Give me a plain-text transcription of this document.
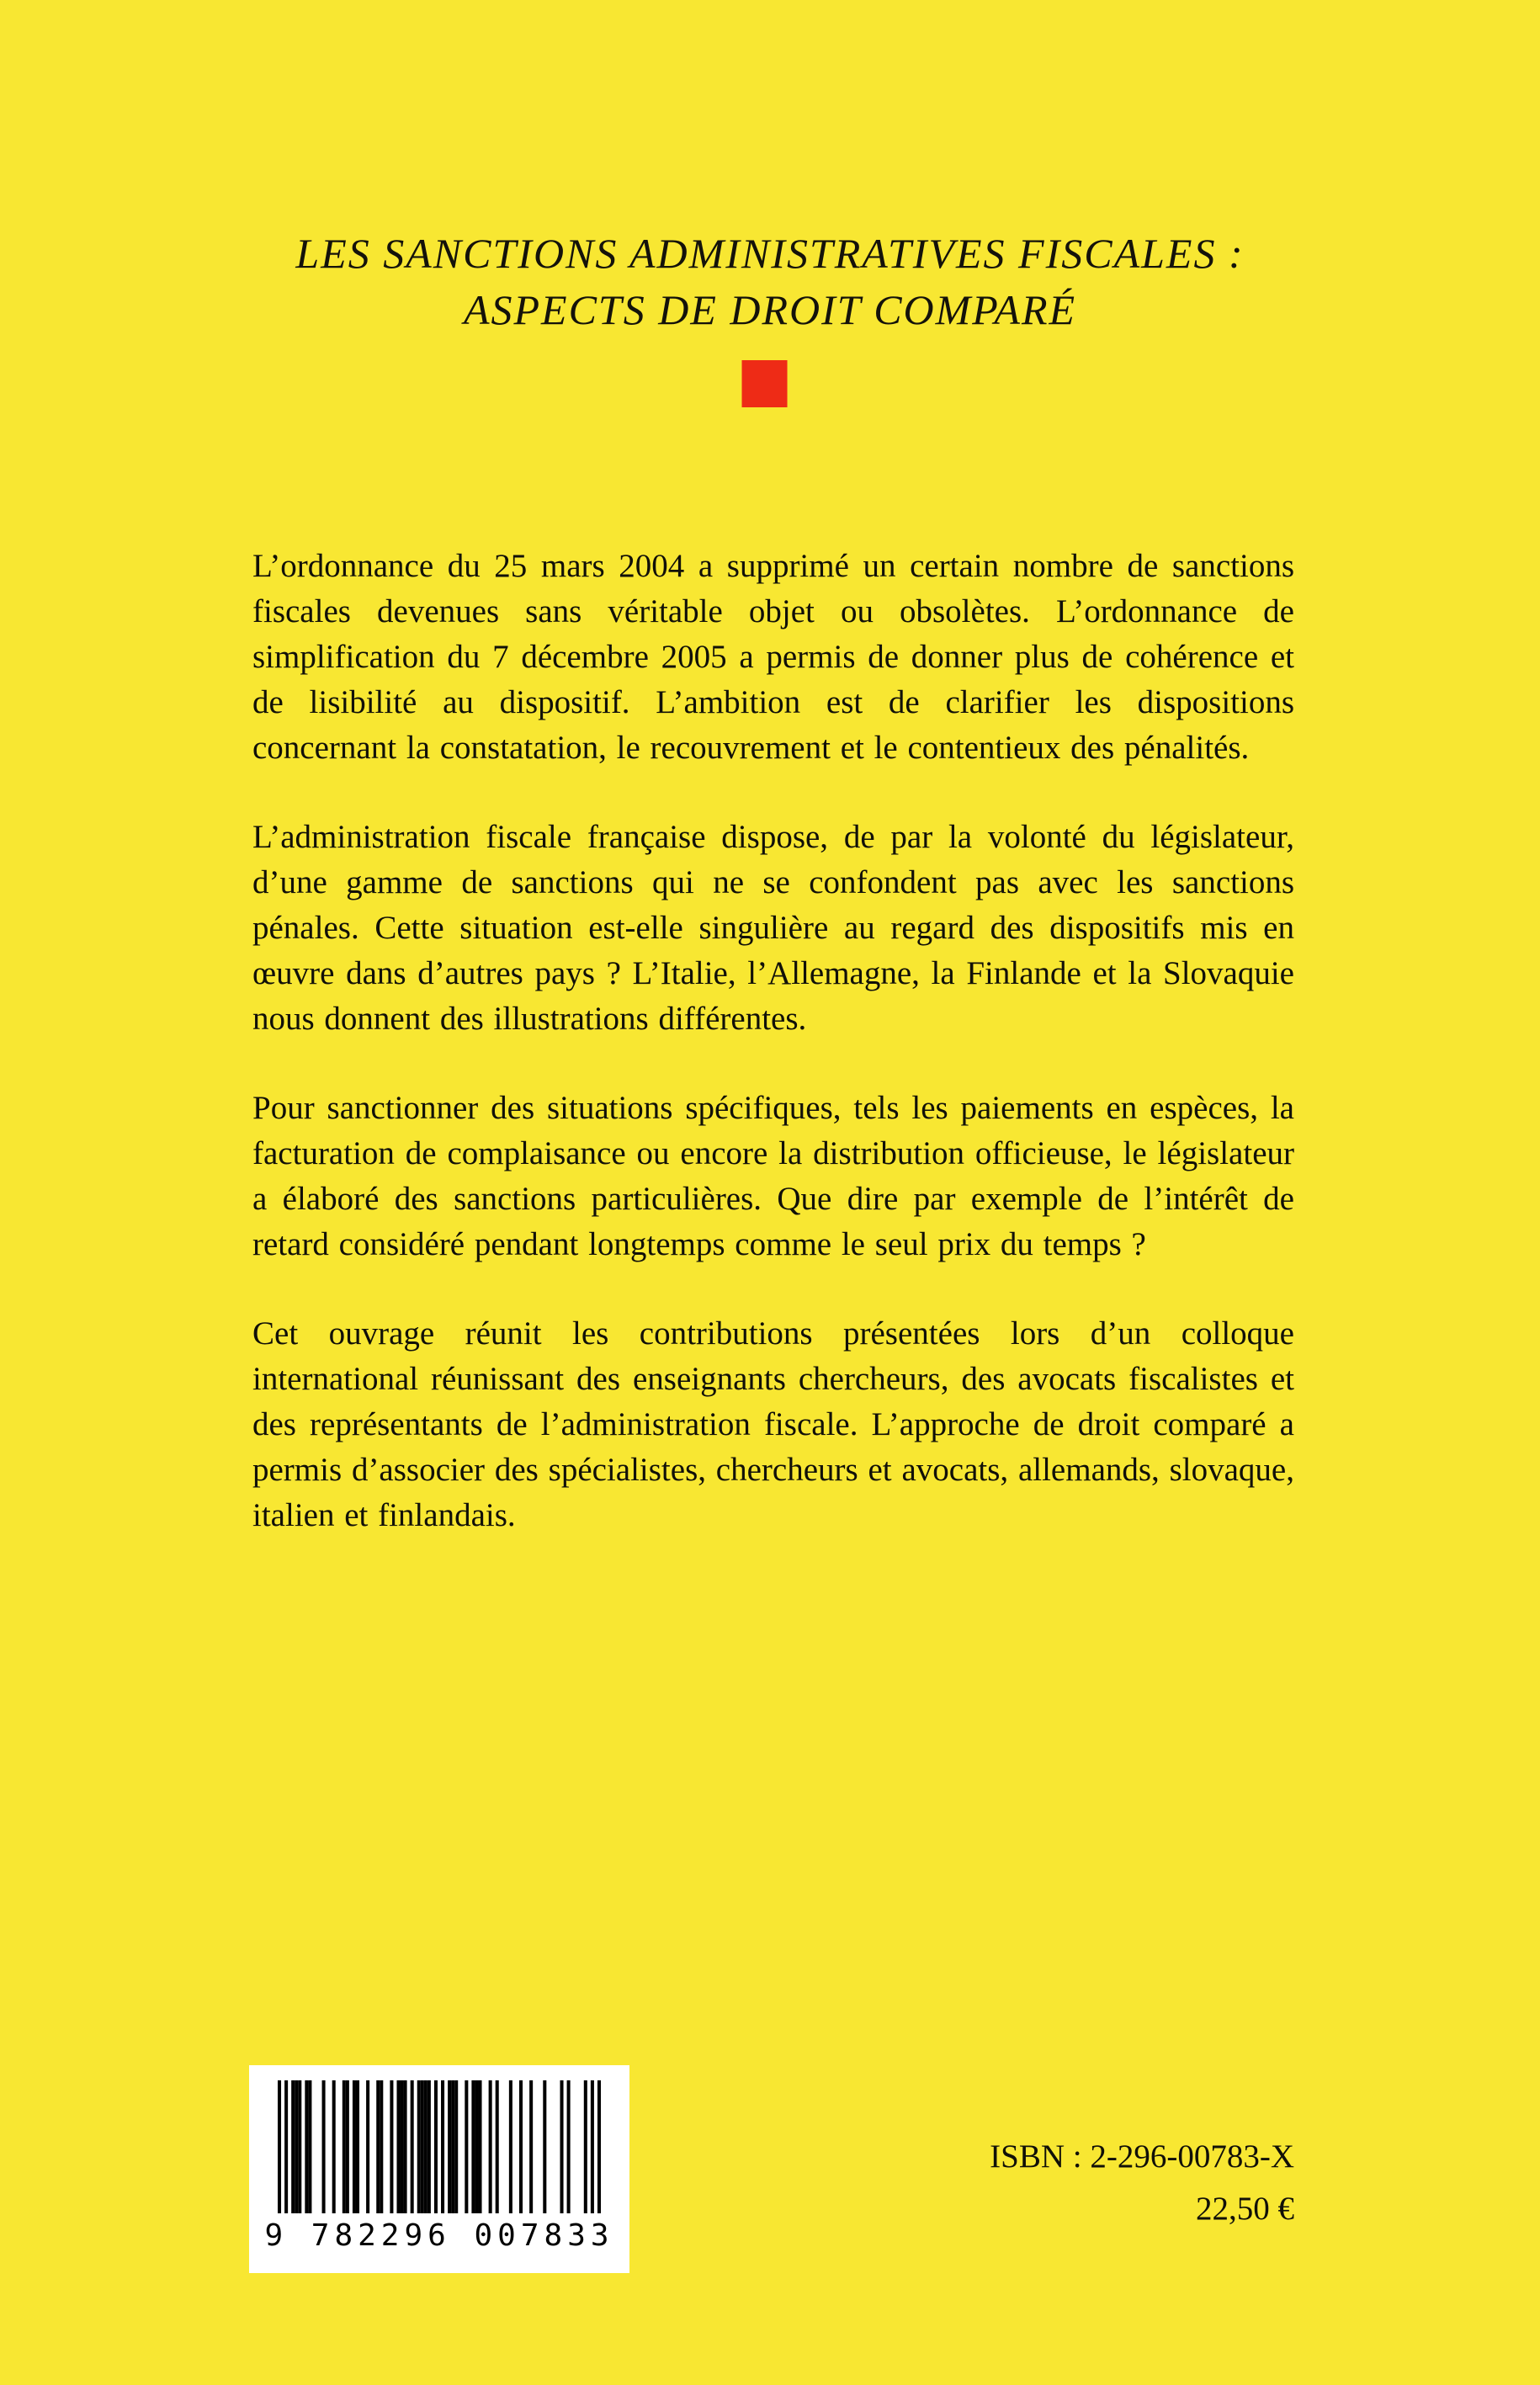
LES SANCTIONS ADMINISTRATIVES FISCALES :
ASPECTS DE DROIT COMPARÉ

L’ordonnance du 25 mars 2004 a supprimé un certain nombre de sanctions fiscales devenues sans véritable objet ou obsolètes. L’ordonnance de simplification du 7 décembre 2005 a permis de donner plus de cohérence et de lisibilité au dispositif. L’ambition est de clarifier les dispositions concernant la constatation, le recouvrement et le contentieux des pénalités.

L’administration fiscale française dispose, de par la volonté du législateur, d’une gamme de sanctions qui ne se confondent pas avec les sanctions pénales. Cette situation est-elle singulière au regard des dispositifs mis en œuvre dans d’autres pays ? L’Italie, l’Allemagne, la Finlande et la Slovaquie nous donnent des illustrations différentes.

Pour sanctionner des situations spécifiques, tels les paiements en espèces, la facturation de complaisance ou encore la distribution officieuse, le législateur a élaboré des sanctions particulières. Que dire par exemple de l’intérêt de retard considéré pendant longtemps comme le seul prix du temps ?

Cet ouvrage réunit les contributions présentées lors d’un colloque international réunissant des enseignants chercheurs, des avocats fiscalistes et des représentants de l’administration fiscale. L’approche de droit comparé a permis d’associer des spécialistes, chercheurs et avocats, allemands, slovaque, italien et finlandais.

9 782296 007833

ISBN : 2-296-00783-X

22,50 €
